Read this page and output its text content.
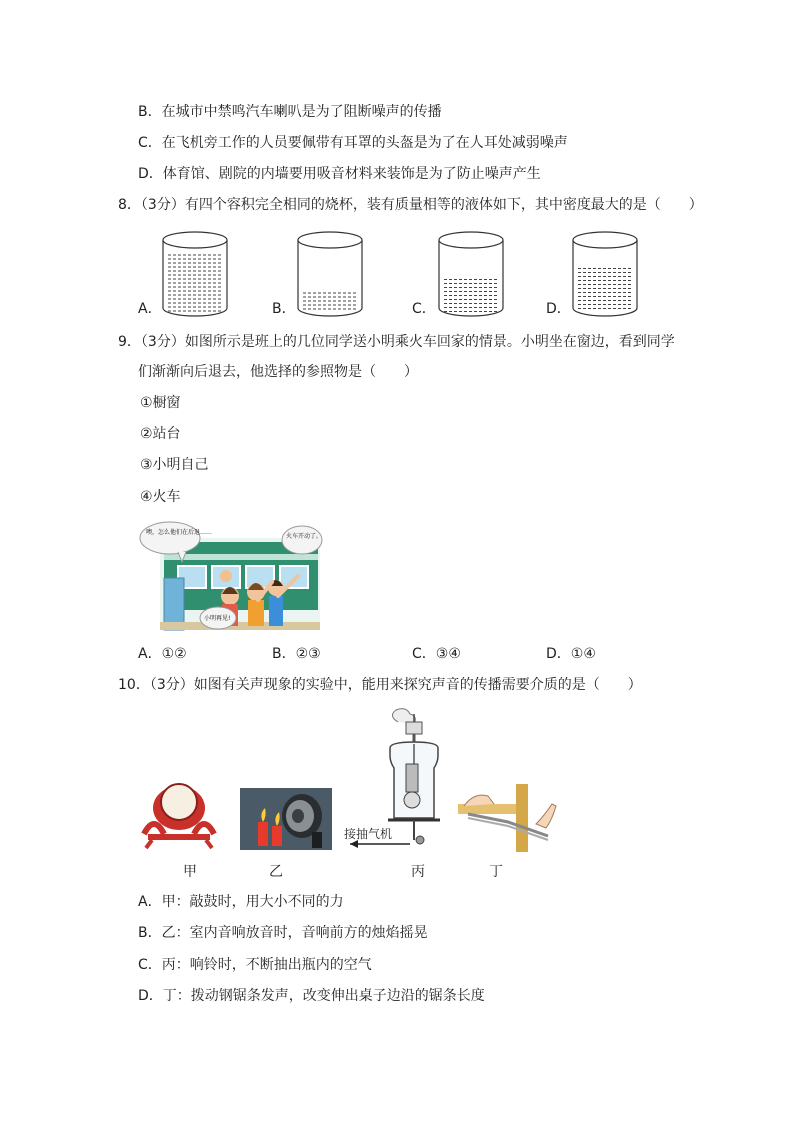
B．在城市中禁鸣汽车喇叭是为了阻断噪声的传播
C．在飞机旁工作的人员要佩带有耳罩的头盔是为了在人耳处减弱噪声
D．体育馆、剧院的内墙要用吸音材料来装饰是为了防止噪声产生
8．（3分）有四个容积完全相同的烧杯，装有质量相等的液体如下，其中密度最大的是（　　）
A．	B．	C．	D．
9．（3分）如图所示是班上的几位同学送小明乘火车回家的情景。小明坐在窗边，看到同学
们渐渐向后退去，他选择的参照物是（　　）
①橱窗
②站台
③小明自己
④火车
噢，怎么他们在后退……
火车开动了。
小明再见!
A．①②	B．②③	C．③④	D．①④
10．（3分）如图有关声现象的实验中，能用来探究声音的传播需要介质的是（　　）
甲	乙
接抽气机
丙	丁
A．甲：敲鼓时，用大小不同的力
B．乙：室内音响放音时，音响前方的烛焰摇晃
C．丙：响铃时，不断抽出瓶内的空气
D．丁：拨动钢锯条发声，改变伸出桌子边沿的锯条长度
